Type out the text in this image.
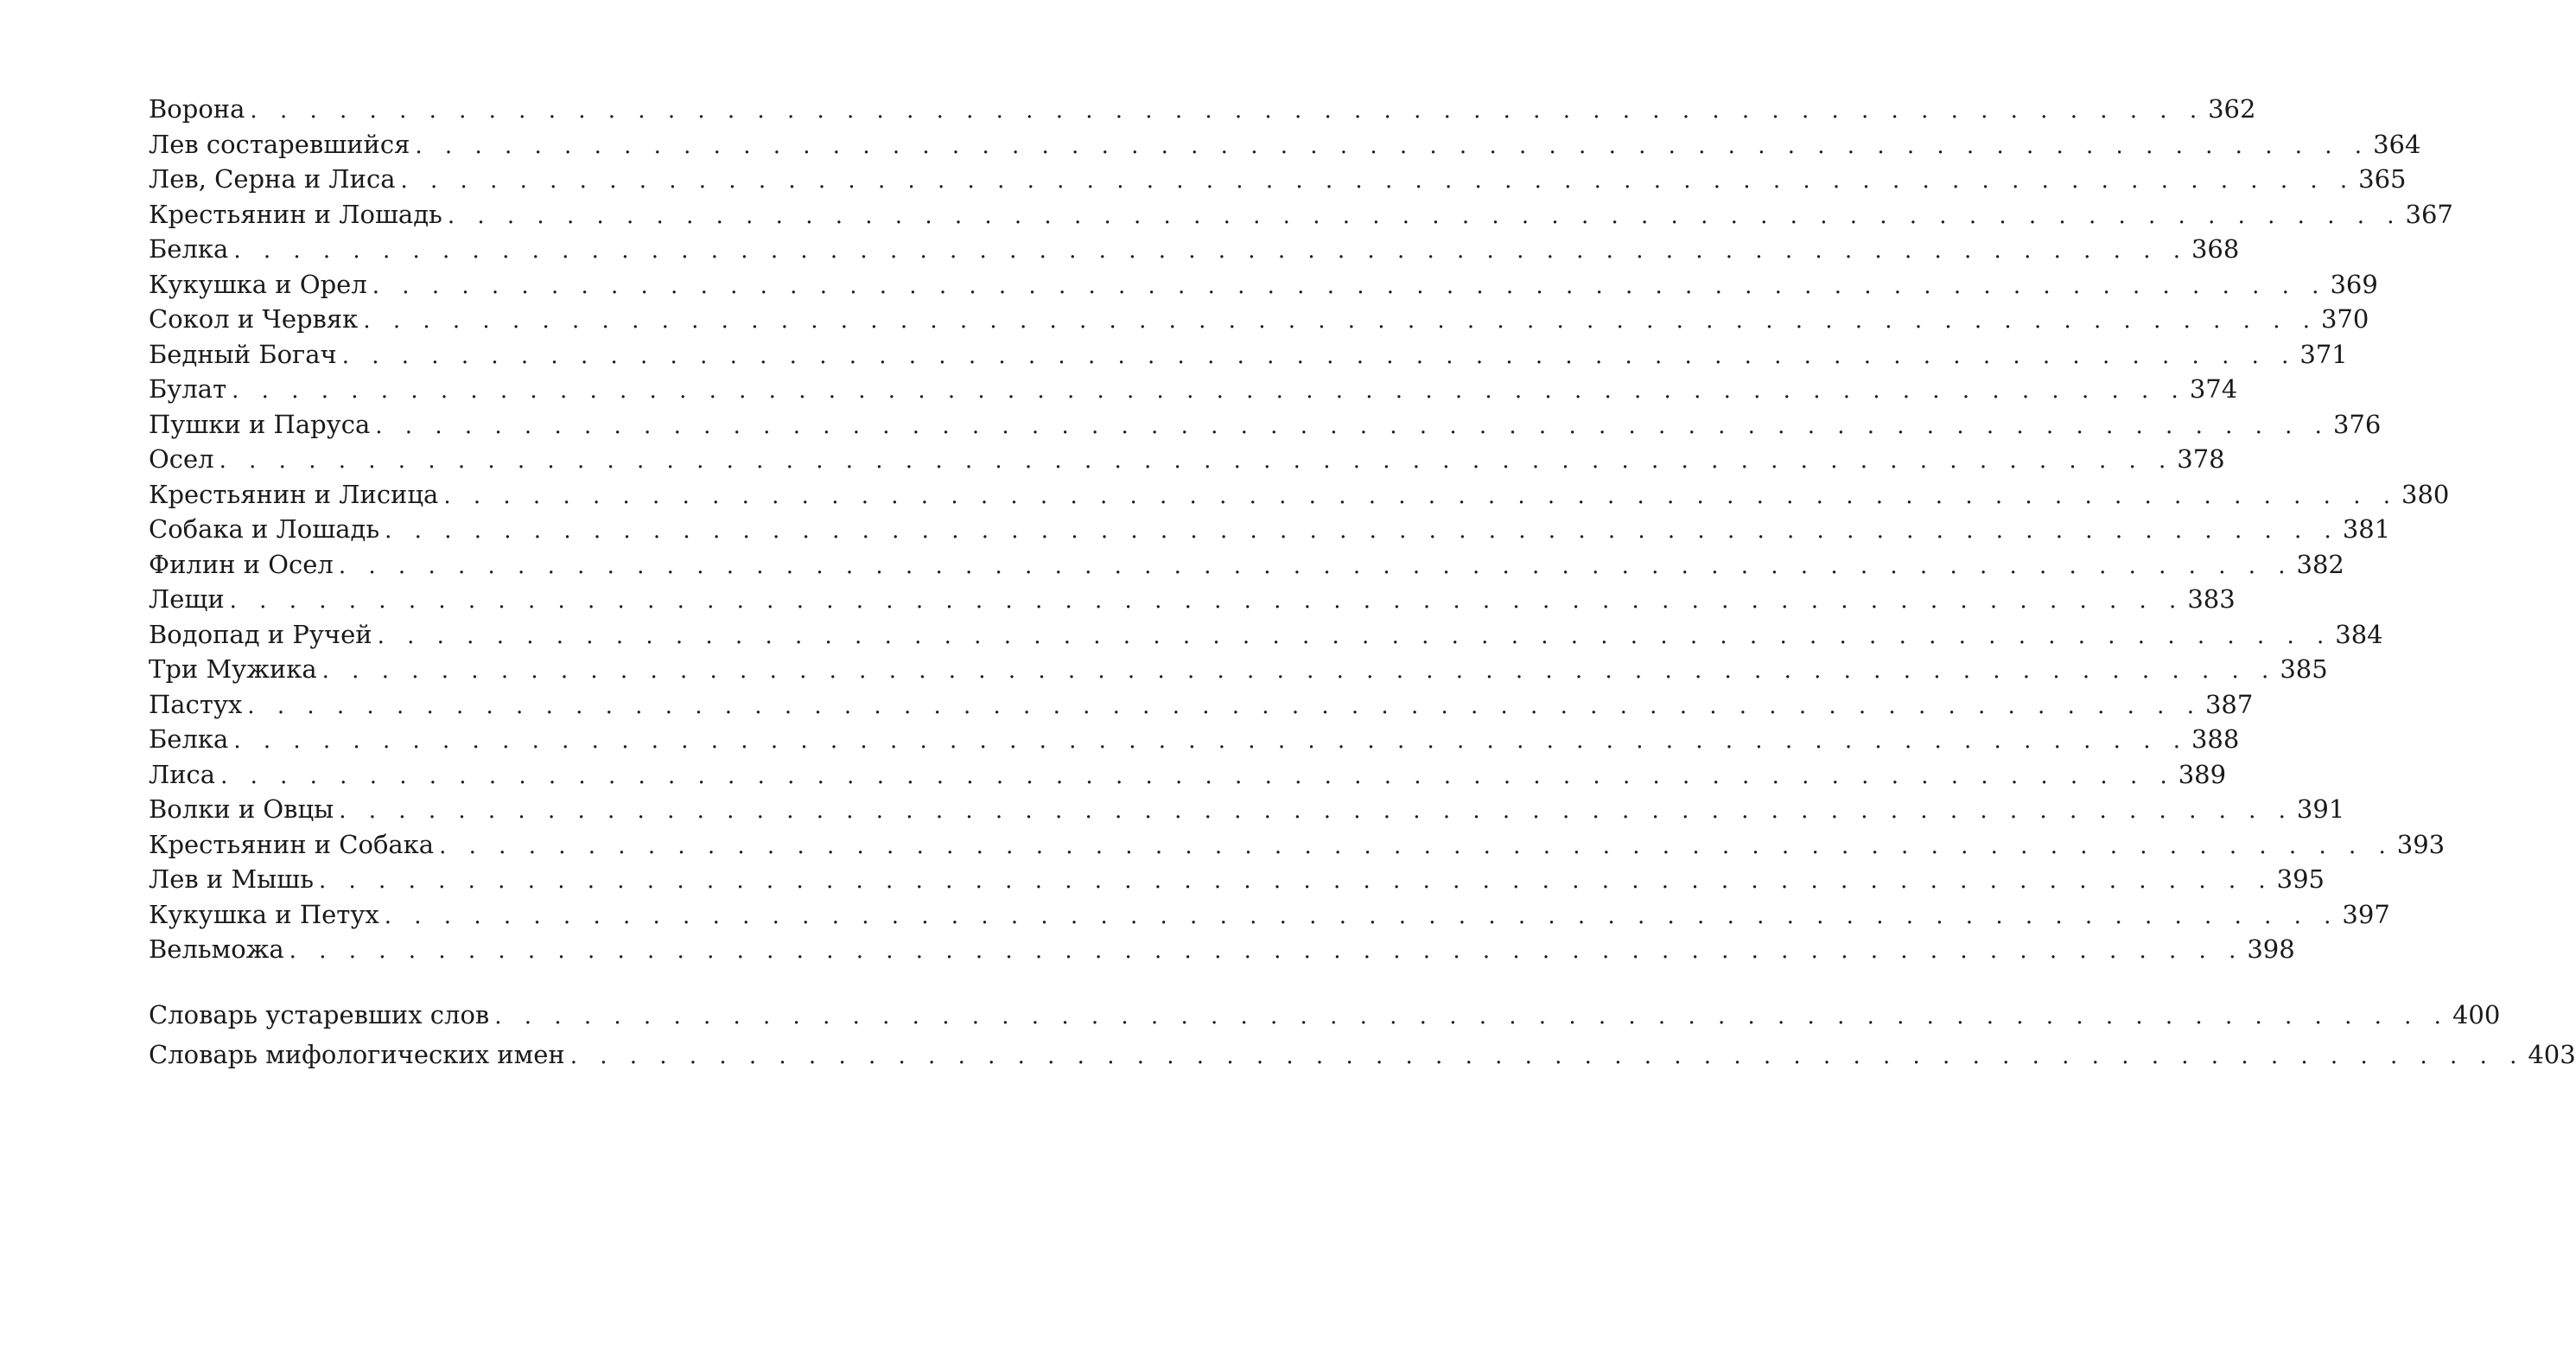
Ворона . . . . . . . . . . . . . . . . . . . . . . . . . . . . . . . . . . . . . . . . . . . . . . . . . . . . . . . . . . . . . . . . . . 362
Лев состаревшийся . . . . . . . . . . . . . . . . . . . . . . . . . . . . . . . . . . . . . . . . . . . . . . . . . . . . . . . . . . . . . . . . . . 364
Лев, Серна и Лиса . . . . . . . . . . . . . . . . . . . . . . . . . . . . . . . . . . . . . . . . . . . . . . . . . . . . . . . . . . . . . . . . . . 365
Крестьянин и Лошадь . . . . . . . . . . . . . . . . . . . . . . . . . . . . . . . . . . . . . . . . . . . . . . . . . . . . . . . . . . . . . . . . . . 367
Белка . . . . . . . . . . . . . . . . . . . . . . . . . . . . . . . . . . . . . . . . . . . . . . . . . . . . . . . . . . . . . . . . . . 368
Кукушка и Орел . . . . . . . . . . . . . . . . . . . . . . . . . . . . . . . . . . . . . . . . . . . . . . . . . . . . . . . . . . . . . . . . . . 369
Сокол и Червяк . . . . . . . . . . . . . . . . . . . . . . . . . . . . . . . . . . . . . . . . . . . . . . . . . . . . . . . . . . . . . . . . . . 370
Бедный Богач . . . . . . . . . . . . . . . . . . . . . . . . . . . . . . . . . . . . . . . . . . . . . . . . . . . . . . . . . . . . . . . . . . 371
Булат . . . . . . . . . . . . . . . . . . . . . . . . . . . . . . . . . . . . . . . . . . . . . . . . . . . . . . . . . . . . . . . . . . 374
Пушки и Паруса . . . . . . . . . . . . . . . . . . . . . . . . . . . . . . . . . . . . . . . . . . . . . . . . . . . . . . . . . . . . . . . . . . 376
Осел . . . . . . . . . . . . . . . . . . . . . . . . . . . . . . . . . . . . . . . . . . . . . . . . . . . . . . . . . . . . . . . . . . 378
Крестьянин и Лисица . . . . . . . . . . . . . . . . . . . . . . . . . . . . . . . . . . . . . . . . . . . . . . . . . . . . . . . . . . . . . . . . . . 380
Собака и Лошадь . . . . . . . . . . . . . . . . . . . . . . . . . . . . . . . . . . . . . . . . . . . . . . . . . . . . . . . . . . . . . . . . . . 381
Филин и Осел . . . . . . . . . . . . . . . . . . . . . . . . . . . . . . . . . . . . . . . . . . . . . . . . . . . . . . . . . . . . . . . . . . 382
Лещи . . . . . . . . . . . . . . . . . . . . . . . . . . . . . . . . . . . . . . . . . . . . . . . . . . . . . . . . . . . . . . . . . . 383
Водопад и Ручей . . . . . . . . . . . . . . . . . . . . . . . . . . . . . . . . . . . . . . . . . . . . . . . . . . . . . . . . . . . . . . . . . . 384
Три Мужика . . . . . . . . . . . . . . . . . . . . . . . . . . . . . . . . . . . . . . . . . . . . . . . . . . . . . . . . . . . . . . . . . . 385
Пастух . . . . . . . . . . . . . . . . . . . . . . . . . . . . . . . . . . . . . . . . . . . . . . . . . . . . . . . . . . . . . . . . . . 387
Белка . . . . . . . . . . . . . . . . . . . . . . . . . . . . . . . . . . . . . . . . . . . . . . . . . . . . . . . . . . . . . . . . . . 388
Лиса . . . . . . . . . . . . . . . . . . . . . . . . . . . . . . . . . . . . . . . . . . . . . . . . . . . . . . . . . . . . . . . . . . 389
Волки и Овцы . . . . . . . . . . . . . . . . . . . . . . . . . . . . . . . . . . . . . . . . . . . . . . . . . . . . . . . . . . . . . . . . . . 391
Крестьянин и Собака . . . . . . . . . . . . . . . . . . . . . . . . . . . . . . . . . . . . . . . . . . . . . . . . . . . . . . . . . . . . . . . . . . 393
Лев и Мышь . . . . . . . . . . . . . . . . . . . . . . . . . . . . . . . . . . . . . . . . . . . . . . . . . . . . . . . . . . . . . . . . . . 395
Кукушка и Петух . . . . . . . . . . . . . . . . . . . . . . . . . . . . . . . . . . . . . . . . . . . . . . . . . . . . . . . . . . . . . . . . . . 397
Вельможа . . . . . . . . . . . . . . . . . . . . . . . . . . . . . . . . . . . . . . . . . . . . . . . . . . . . . . . . . . . . . . . . . . 398
Словарь устаревших слов . . . . . . . . . . . . . . . . . . . . . . . . . . . . . . . . . . . . . . . . . . . . . . . . . . . . . . . . . . . . . . . . . . 400
Словарь мифологических имен . . . . . . . . . . . . . . . . . . . . . . . . . . . . . . . . . . . . . . . . . . . . . . . . . . . . . . . . . . . . . . . . . . 403
